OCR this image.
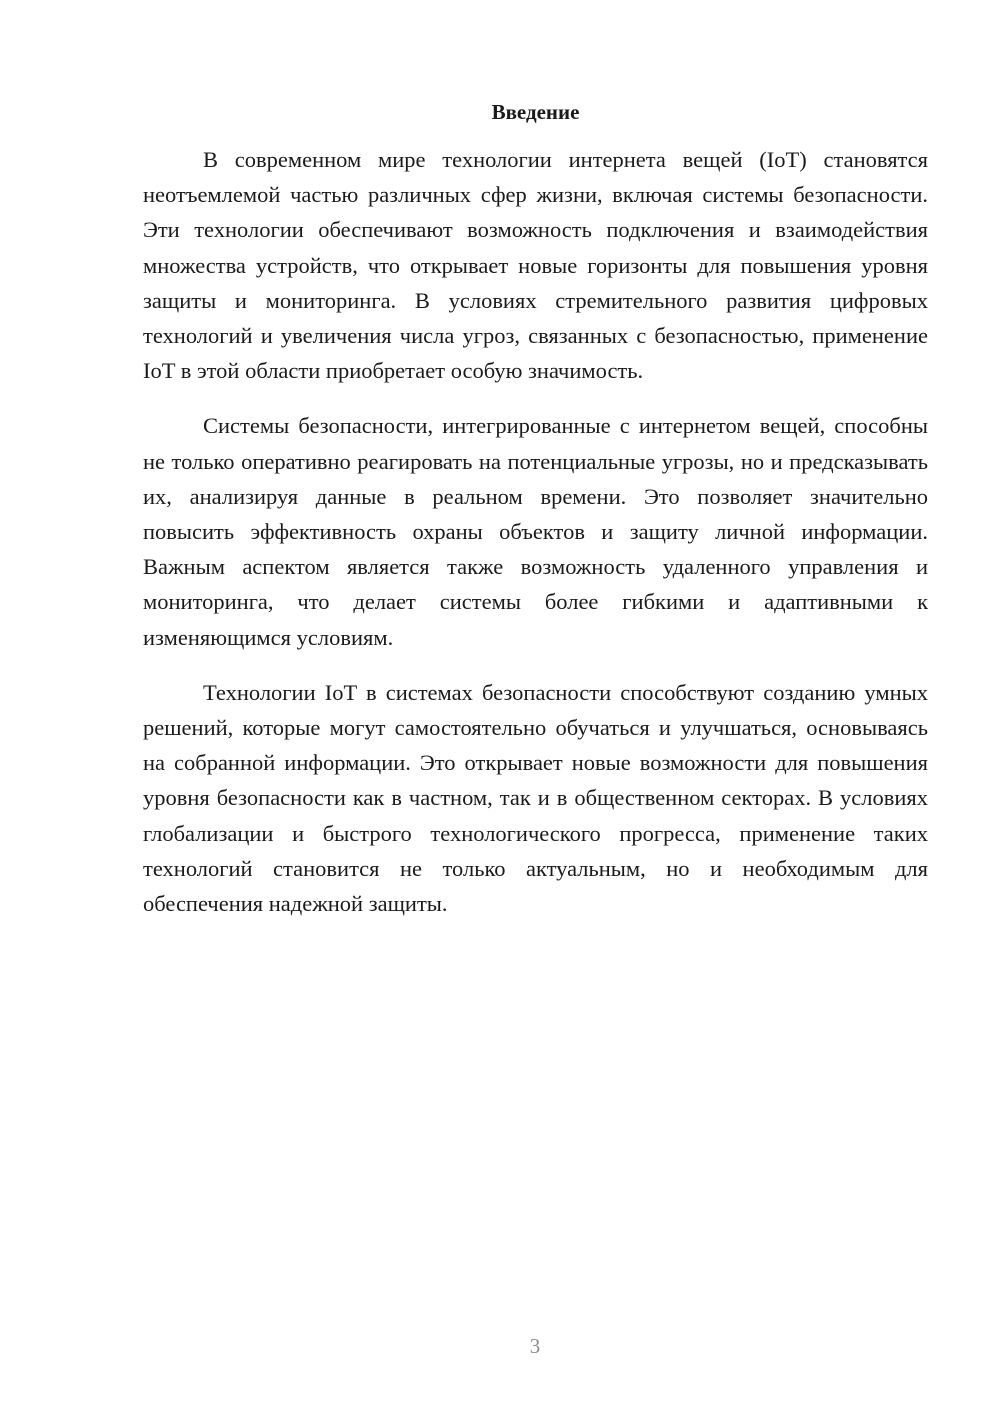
Введение

В современном мире технологии интернета вещей (IoT) становятся неотъемлемой частью различных сфер жизни, включая системы безопасности. Эти технологии обеспечивают возможность подключения и взаимодействия множества устройств, что открывает новые горизонты для повышения уровня защиты и мониторинга. В условиях стремительного развития цифровых технологий и увеличения числа угроз, связанных с безопасностью, применение IoT в этой области приобретает особую значимость.

Системы безопасности, интегрированные с интернетом вещей, способны не только оперативно реагировать на потенциальные угрозы, но и предсказывать их, анализируя данные в реальном времени. Это позволяет значительно повысить эффективность охраны объектов и защиту личной информации. Важным аспектом является также возможность удаленного управления и мониторинга, что делает системы более гибкими и адаптивными к изменяющимся условиям.

Технологии IoT в системах безопасности способствуют созданию умных решений, которые могут самостоятельно обучаться и улучшаться, основываясь на собранной информации. Это открывает новые возможности для повышения уровня безопасности как в частном, так и в общественном секторах. В условиях глобализации и быстрого технологического прогресса, применение таких технологий становится не только актуальным, но и необходимым для обеспечения надежной защиты.

3
